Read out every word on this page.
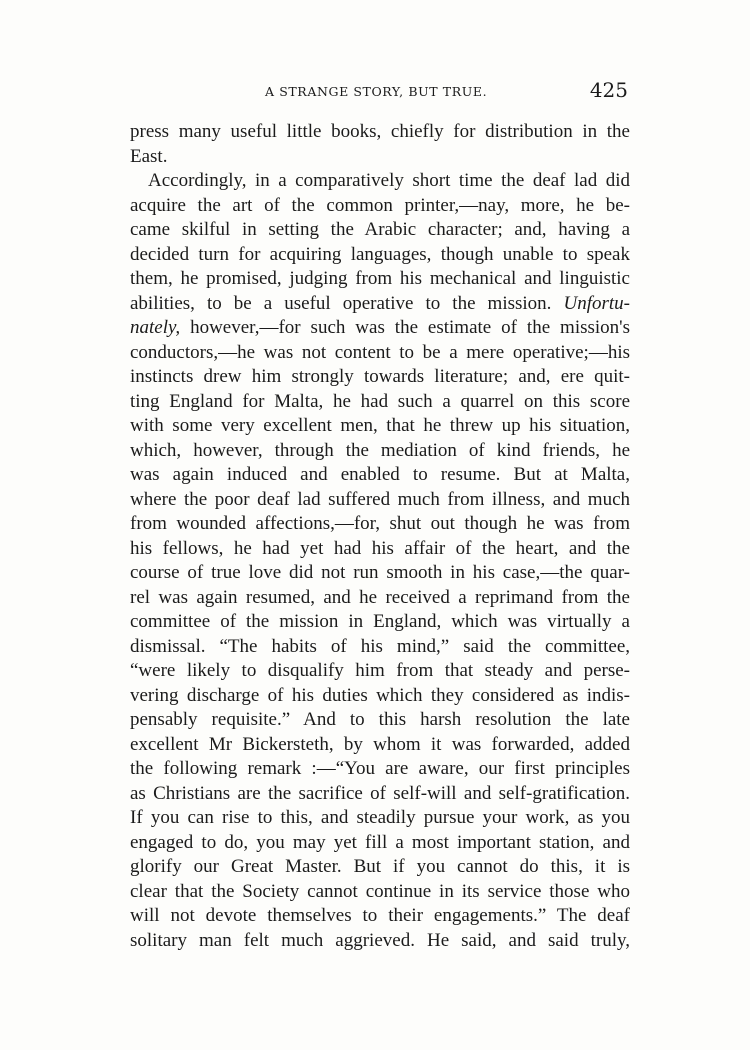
A STRANGE STORY, BUT TRUE.	425
press many useful little books, chiefly for distribution in the
East.
Accordingly, in a comparatively short time the deaf lad did
acquire the art of the common printer,—nay, more, he be-
came skilful in setting the Arabic character; and, having a
decided turn for acquiring languages, though unable to speak
them, he promised, judging from his mechanical and linguistic
abilities, to be a useful operative to the mission. Unfortu-
nately, however,—for such was the estimate of the mission's
conductors,—he was not content to be a mere operative;—his
instincts drew him strongly towards literature; and, ere quit-
ting England for Malta, he had such a quarrel on this score
with some very excellent men, that he threw up his situation,
which, however, through the mediation of kind friends, he
was again induced and enabled to resume. But at Malta,
where the poor deaf lad suffered much from illness, and much
from wounded affections,—for, shut out though he was from
his fellows, he had yet had his affair of the heart, and the
course of true love did not run smooth in his case,—the quar-
rel was again resumed, and he received a reprimand from the
committee of the mission in England, which was virtually a
dismissal. “The habits of his mind,” said the committee,
“were likely to disqualify him from that steady and perse-
vering discharge of his duties which they considered as indis-
pensably requisite.” And to this harsh resolution the late
excellent Mr Bickersteth, by whom it was forwarded, added
the following remark :—“You are aware, our first principles
as Christians are the sacrifice of self-will and self-gratification.
If you can rise to this, and steadily pursue your work, as you
engaged to do, you may yet fill a most important station, and
glorify our Great Master. But if you cannot do this, it is
clear that the Society cannot continue in its service those who
will not devote themselves to their engagements.” The deaf
solitary man felt much aggrieved. He said, and said truly,
